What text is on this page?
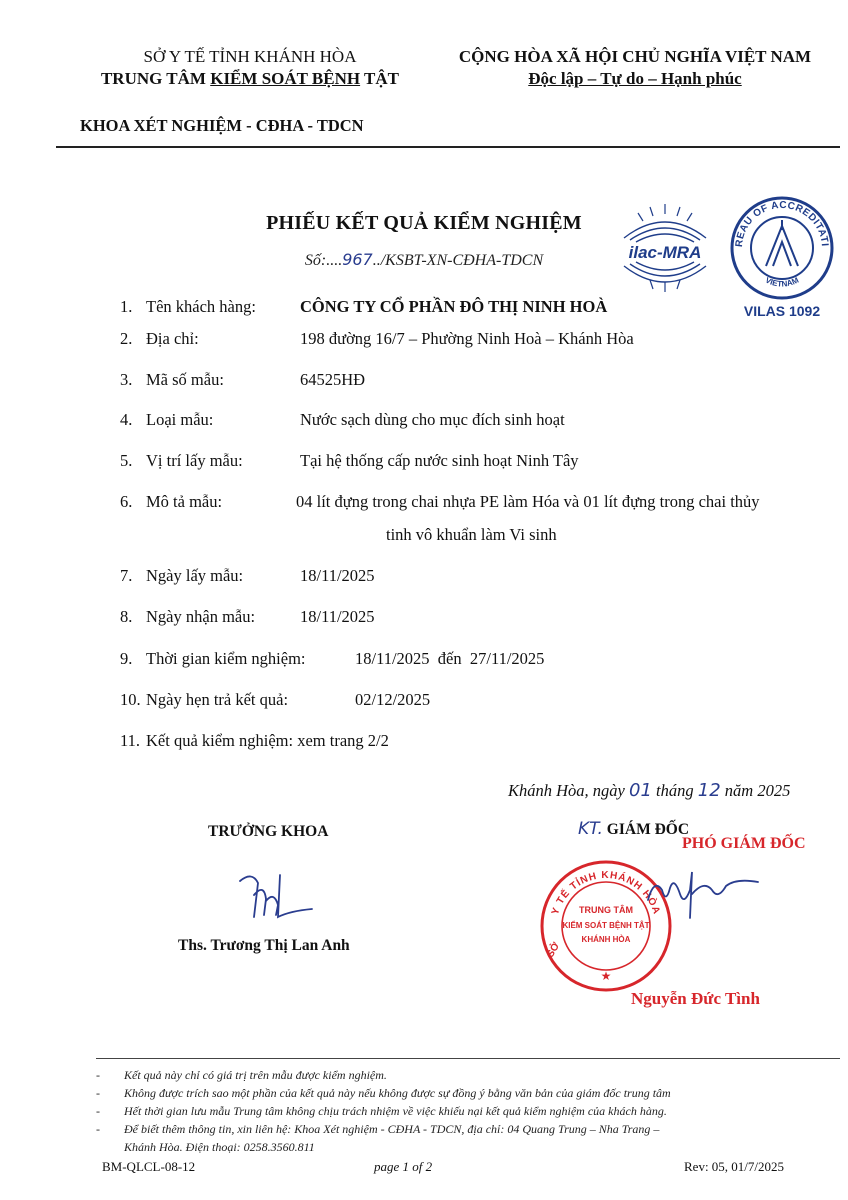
SỞ Y TẾ TỈNH KHÁNH HÒA
TRUNG TÂM KIỂM SOÁT BỆNH TẬT
KHOA XÉT NGHIỆM - CĐHA - TDCN
CỘNG HÒA XÃ HỘI CHỦ NGHĨA VIỆT NAM
Độc lập – Tự do – Hạnh phúc
PHIẾU KẾT QUẢ KIỂM NGHIỆM
Số:....967../KSBT-XN-CĐHA-TDCN	ilac-MRA	REAU OF ACCREDITATI
VIETNAM
VILAS 1092
1. Tên khách hàng:	CÔNG TY CỔ PHẦN ĐÔ THỊ NINH HOÀ
2. Địa chỉ:	198 đường 16/7 – Phường Ninh Hoà – Khánh Hòa
3. Mã số mẫu:	64525HĐ
4. Loại mẫu:	Nước sạch dùng cho mục đích sinh hoạt
5. Vị trí lấy mẫu:	Tại hệ thống cấp nước sinh hoạt Ninh Tây
6. Mô tả mẫu:	04 lít đựng trong chai nhựa PE làm Hóa và 01 lít đựng trong chai thủy
tinh vô khuẩn làm Vi sinh
7. Ngày lấy mẫu:	18/11/2025
8. Ngày nhận mẫu:	18/11/2025
9. Thời gian kiểm nghiệm:	18/11/2025  đến  27/11/2025
10. Ngày hẹn trả kết quả:	02/12/2025
11. Kết quả kiểm nghiệm: xem trang 2/2
Khánh Hòa, ngày 01 tháng 12 năm 2025
TRƯỞNG KHOA
Ths. Trương Thị Lan Anh
KT. GIÁM ĐỐC
PHÓ GIÁM ĐỐC
Y TẾ TỈNH KHÁNH HÒA
SỞ
TRUNG TÂM
KIỂM SOÁT BỆNH TẬT
KHÁNH HÒA
★
Nguyễn Đức Tình
- Kết quả này chỉ có giá trị trên mẫu được kiểm nghiệm.
- Không được trích sao một phần của kết quả này nếu không được sự đồng ý bằng văn bản của giám đốc trung tâm
- Hết thời gian lưu mẫu Trung tâm không chịu trách nhiệm về việc khiếu nại kết quả kiểm nghiệm của khách hàng.
- Để biết thêm thông tin, xin liên hệ: Khoa Xét nghiệm - CĐHA - TDCN, địa chỉ: 04 Quang Trung – Nha Trang –
Khánh Hòa. Điện thoại: 0258.3560.811
BM-QLCL-08-12	page 1 of 2	Rev: 05, 01/7/2025
